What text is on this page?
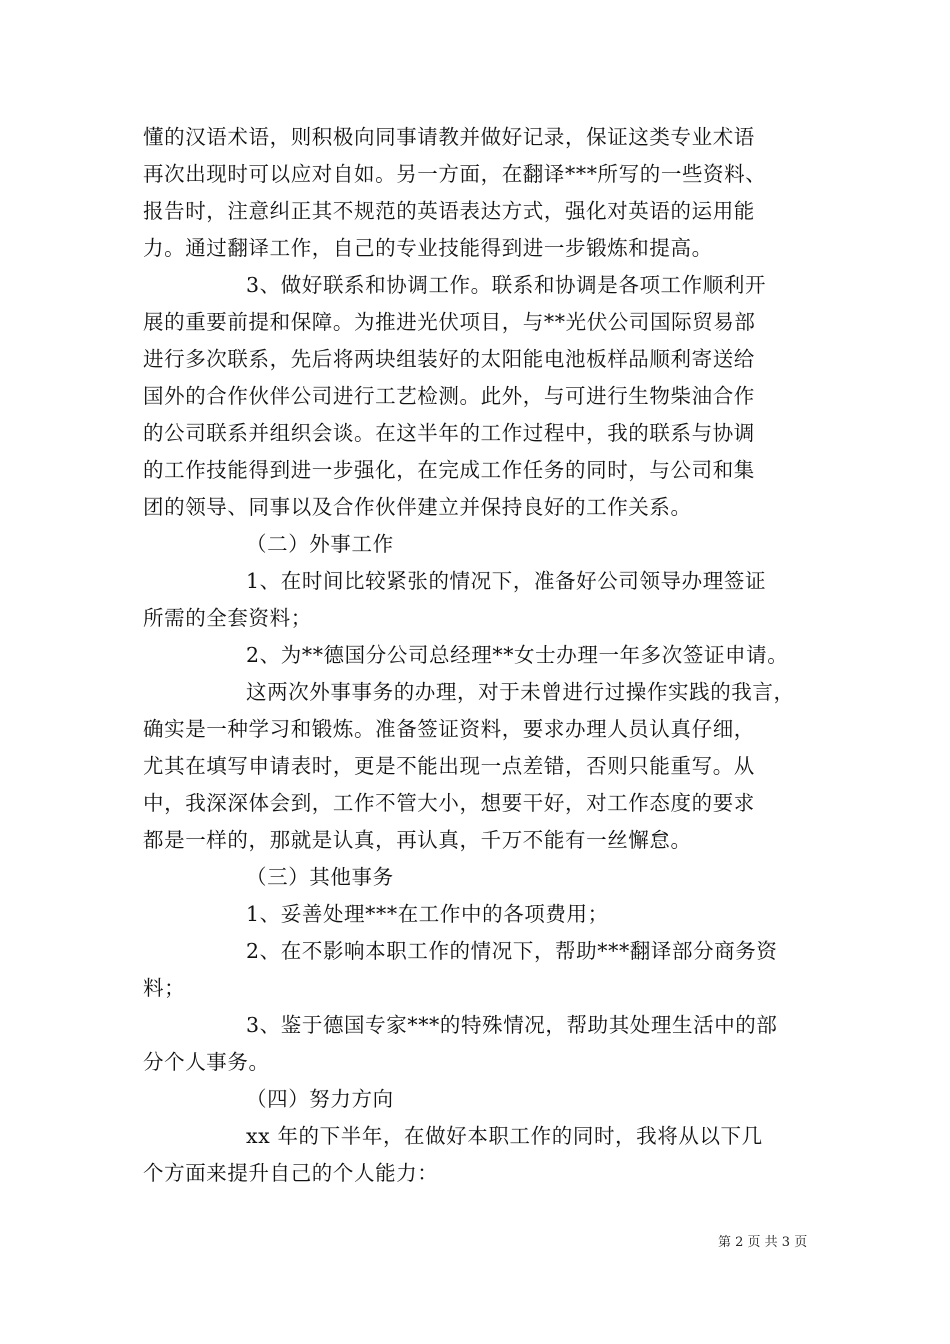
懂的汉语术语，则积极向同事请教并做好记录，保证这类专业术语
再次出现时可以应对自如。另一方面，在翻译***所写的一些资料、
报告时，注意纠正其不规范的英语表达方式，强化对英语的运用能
力。通过翻译工作，自己的专业技能得到进一步锻炼和提高。
3、做好联系和协调工作。联系和协调是各项工作顺利开
展的重要前提和保障。为推进光伏项目，与**光伏公司国际贸易部
进行多次联系，先后将两块组装好的太阳能电池板样品顺利寄送给
国外的合作伙伴公司进行工艺检测。此外，与可进行生物柴油合作
的公司联系并组织会谈。在这半年的工作过程中，我的联系与协调
的工作技能得到进一步强化，在完成工作任务的同时，与公司和集
团的领导、同事以及合作伙伴建立并保持良好的工作关系。
（二）外事工作
1、在时间比较紧张的情况下，准备好公司领导办理签证
所需的全套资料；
2、为**德国分公司总经理**女士办理一年多次签证申请。
这两次外事事务的办理，对于未曾进行过操作实践的我言，
确实是一种学习和锻炼。准备签证资料，要求办理人员认真仔细，
尤其在填写申请表时，更是不能出现一点差错，否则只能重写。从
中，我深深体会到，工作不管大小，想要干好，对工作态度的要求
都是一样的，那就是认真，再认真，千万不能有一丝懈怠。
（三）其他事务
1、妥善处理***在工作中的各项费用；
2、在不影响本职工作的情况下，帮助***翻译部分商务资
料；
3、鉴于德国专家***的特殊情况，帮助其处理生活中的部
分个人事务。
（四）努力方向
xx 年的下半年，在做好本职工作的同时，我将从以下几
个方面来提升自己的个人能力：
第 2 页 共 3 页
